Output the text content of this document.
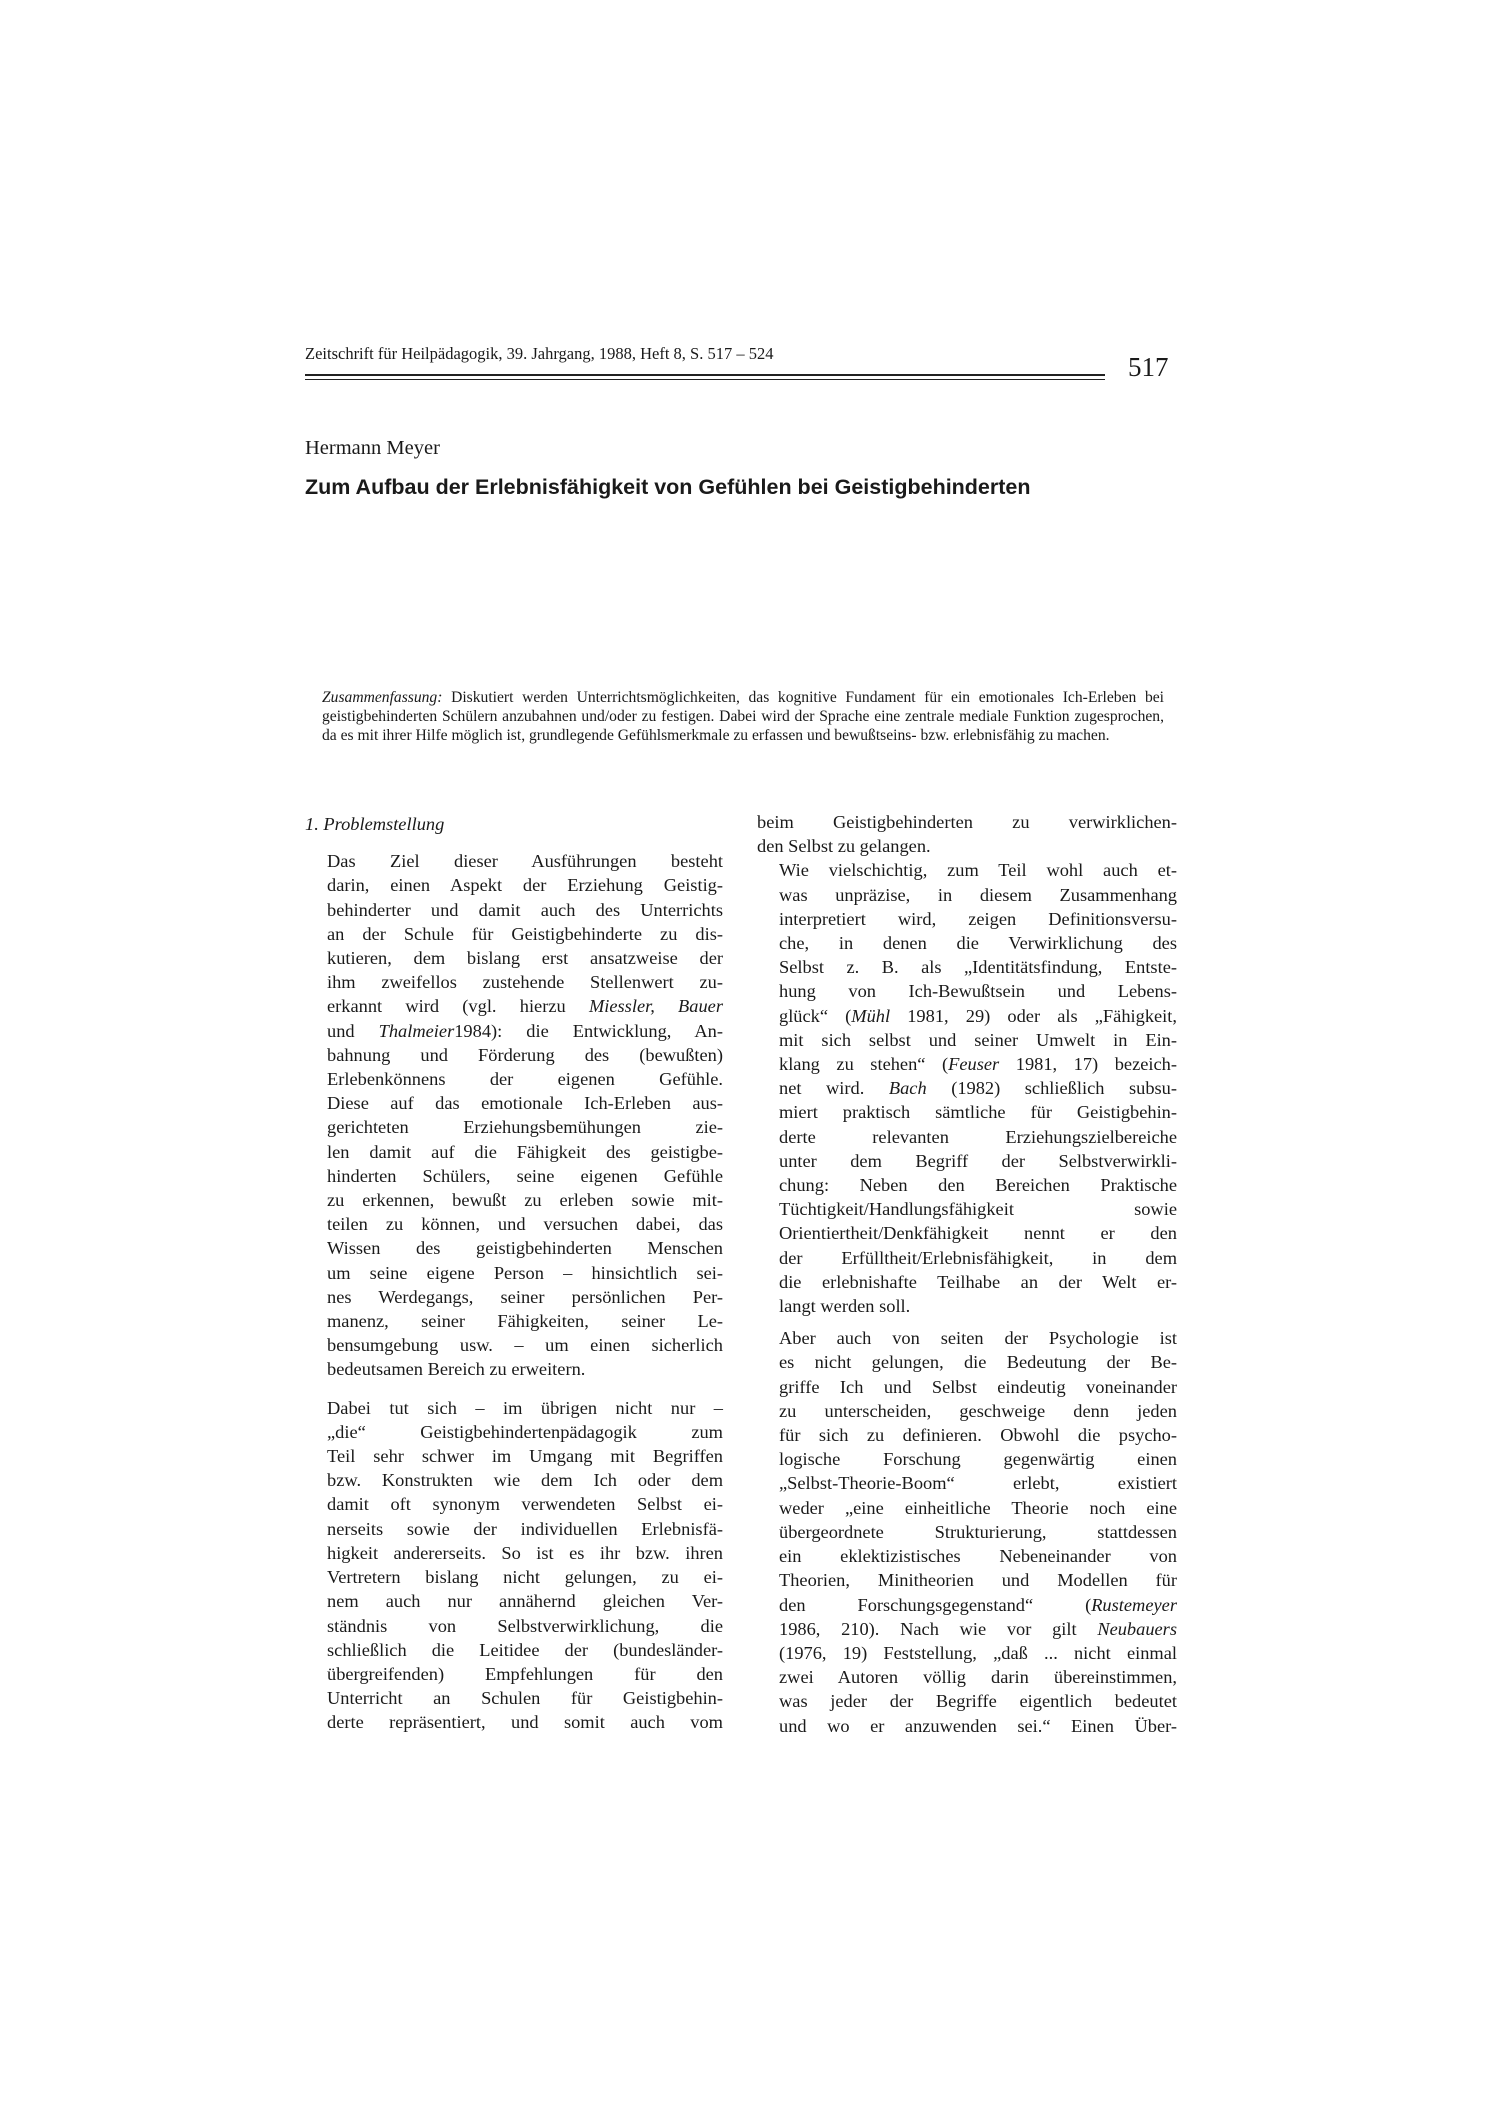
Zeitschrift für Heilpädagogik, 39. Jahrgang, 1988, Heft 8, S. 517 – 524	517
Hermann Meyer
Zum Aufbau der Erlebnisfähigkeit von Gefühlen bei Geistigbehinderten
Zusammenfassung: Diskutiert werden Unterrichtsmöglichkeiten, das kognitive Fundament für ein emotionales Ich-Erleben bei geistigbehinderten Schülern anzubahnen und/oder zu festigen. Dabei wird der Sprache eine zentrale mediale Funktion zugesprochen, da es mit ihrer Hilfe möglich ist, grundlegende Gefühlsmerkmale zu erfassen und bewußtseins- bzw. erlebnisfähig zu machen.
1. Problemstellung

Das Ziel dieser Ausführungen besteht
darin, einen Aspekt der Erziehung Geistig-
behinderter und damit auch des Unterrichts
an der Schule für Geistigbehinderte zu dis-
kutieren, dem bislang erst ansatzweise der
ihm zweifellos zustehende Stellenwert zu-
erkannt wird (vgl. hierzu Miessler, Bauer
und Thalmeier1984): die Entwicklung, An-
bahnung und Förderung des (bewußten)
Erlebenkönnens der eigenen Gefühle.
Diese auf das emotionale Ich-Erleben aus-
gerichteten Erziehungsbemühungen zie-
len damit auf die Fähigkeit des geistigbe-
hinderten Schülers, seine eigenen Gefühle
zu erkennen, bewußt zu erleben sowie mit-
teilen zu können, und versuchen dabei, das
Wissen des geistigbehinderten Menschen
um seine eigene Person – hinsichtlich sei-
nes Werdegangs, seiner persönlichen Per-
manenz, seiner Fähigkeiten, seiner Le-
bensumgebung usw. – um einen sicherlich
bedeutsamen Bereich zu erweitern.

Dabei tut sich – im übrigen nicht nur –
„die“ Geistigbehindertenpädagogik zum
Teil sehr schwer im Umgang mit Begriffen
bzw. Konstrukten wie dem Ich oder dem
damit oft synonym verwendeten Selbst ei-
nerseits sowie der individuellen Erlebnisfä-
higkeit andererseits. So ist es ihr bzw. ihren
Vertretern bislang nicht gelungen, zu ei-
nem auch nur annähernd gleichen Ver-
ständnis von Selbstverwirklichung, die
schließlich die Leitidee der (bundesländer-
übergreifenden) Empfehlungen für den
Unterricht an Schulen für Geistigbehin-
derte repräsentiert, und somit auch vom

beim Geistigbehinderten zu verwirklichen-
den Selbst zu gelangen.

Wie vielschichtig, zum Teil wohl auch et-
was unpräzise, in diesem Zusammenhang
interpretiert wird, zeigen Definitionsversu-
che, in denen die Verwirklichung des
Selbst z. B. als „Identitätsfindung, Entste-
hung von Ich-Bewußtsein und Lebens-
glück“ (Mühl 1981, 29) oder als „Fähigkeit,
mit sich selbst und seiner Umwelt in Ein-
klang zu stehen“ (Feuser 1981, 17) bezeich-
net wird. Bach (1982) schließlich subsu-
miert praktisch sämtliche für Geistigbehin-
derte relevanten Erziehungszielbereiche
unter dem Begriff der Selbstverwirkli-
chung: Neben den Bereichen Praktische
Tüchtigkeit/Handlungsfähigkeit sowie
Orientiertheit/Denkfähigkeit nennt er den
der Erfülltheit/Erlebnisfähigkeit, in dem
die erlebnishafte Teilhabe an der Welt er-
langt werden soll.

Aber auch von seiten der Psychologie ist
es nicht gelungen, die Bedeutung der Be-
griffe Ich und Selbst eindeutig voneinander
zu unterscheiden, geschweige denn jeden
für sich zu definieren. Obwohl die psycho-
logische Forschung gegenwärtig einen
„Selbst-Theorie-Boom“ erlebt, existiert
weder „eine einheitliche Theorie noch eine
übergeordnete Strukturierung, stattdessen
ein eklektizistisches Nebeneinander von
Theorien, Minitheorien und Modellen für
den Forschungsgegenstand“ (Rustemeyer
1986, 210). Nach wie vor gilt Neubauers
(1976, 19) Feststellung, „daß ... nicht einmal
zwei Autoren völlig darin übereinstimmen,
was jeder der Begriffe eigentlich bedeutet
und wo er anzuwenden sei.“ Einen Über-
